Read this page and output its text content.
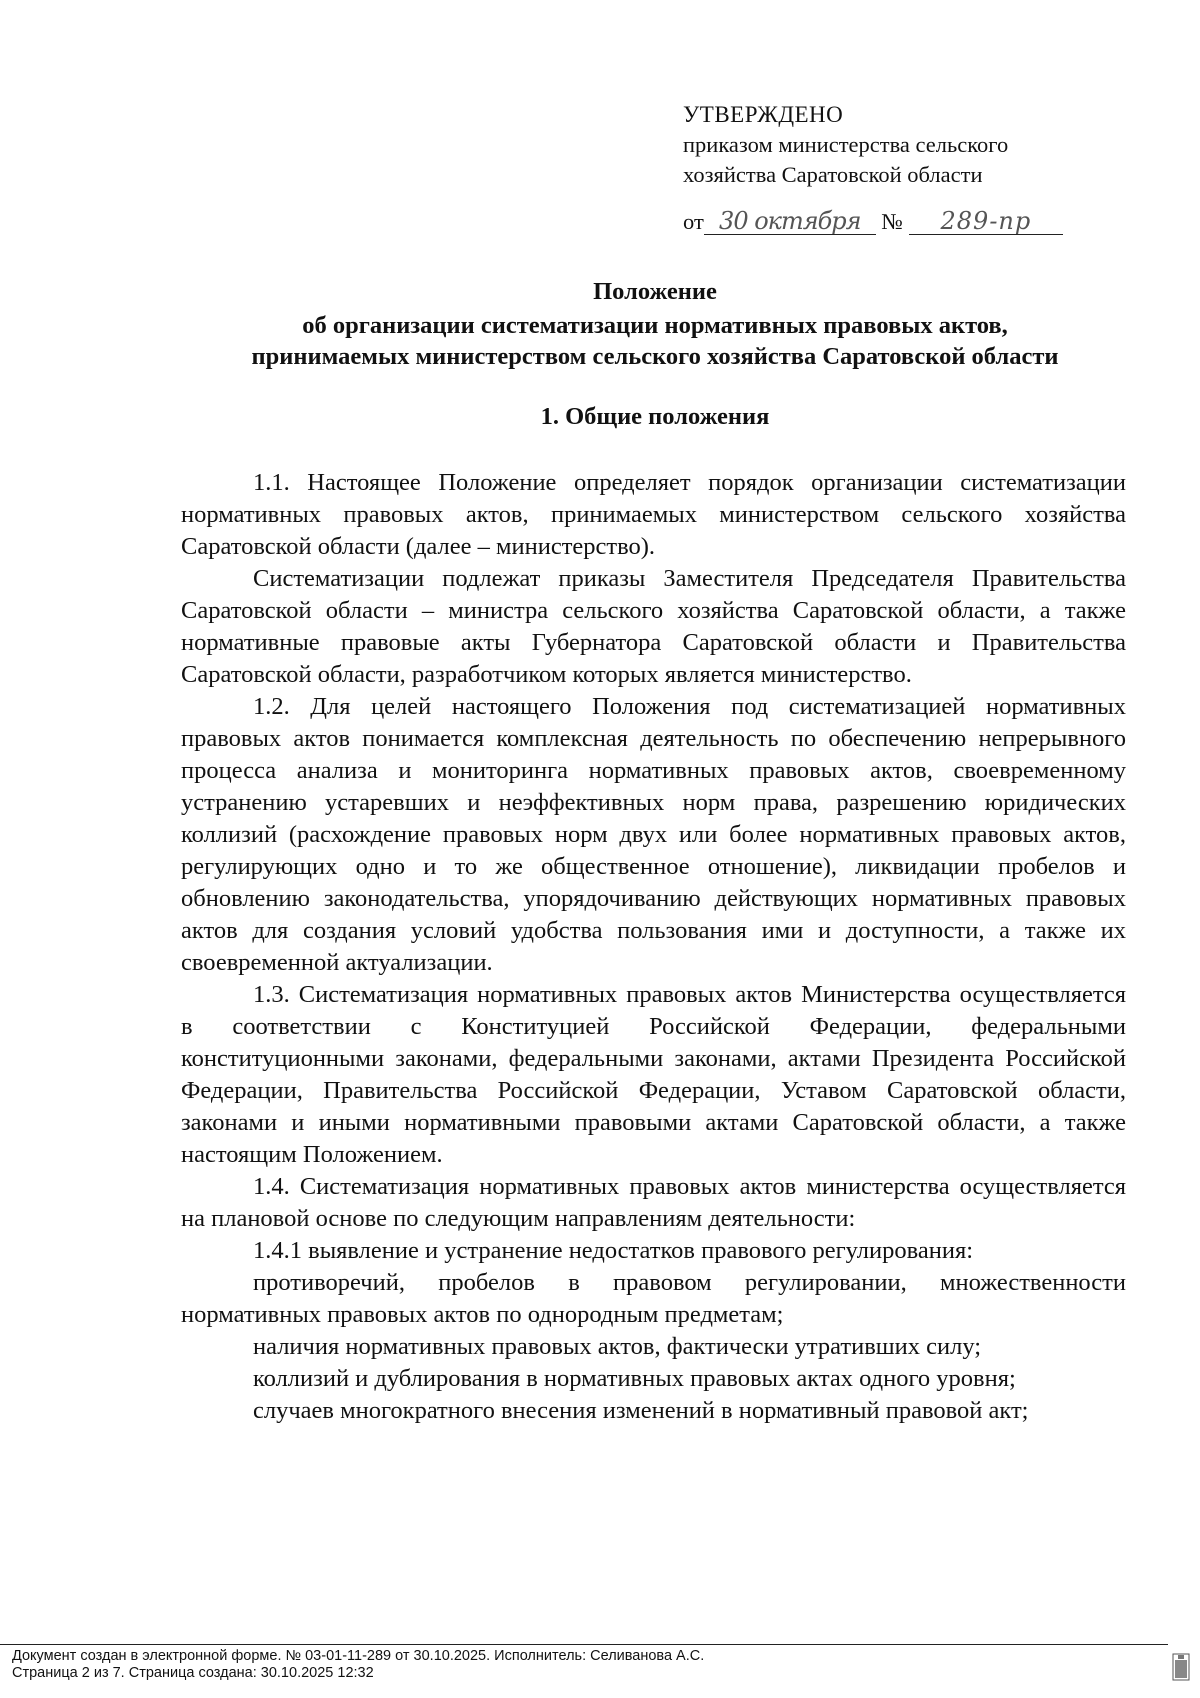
УТВЕРЖДЕНО
приказом министерства сельского
хозяйства Саратовской области
от 30 октября № 289-пр
Положение
об организации систематизации нормативных правовых актов,
принимаемых министерством сельского хозяйства Саратовской области
1. Общие положения

1.1. Настоящее Положение определяет порядок организации систематизации нормативных правовых актов, принимаемых министерством сельского хозяйства Саратовской области (далее – министерство).

Систематизации подлежат приказы Заместителя Председателя Правительства Саратовской области – министра сельского хозяйства Саратовской области, а также нормативные правовые акты Губернатора Саратовской области и Правительства Саратовской области, разработчиком которых является министерство.

1.2. Для целей настоящего Положения под систематизацией нормативных правовых актов понимается комплексная деятельность по обеспечению непрерывного процесса анализа и мониторинга нормативных правовых актов, своевременному устранению устаревших и неэффективных норм права, разрешению юридических коллизий (расхождение правовых норм двух или более нормативных правовых актов, регулирующих одно и то же общественное отношение), ликвидации пробелов и обновлению законодательства, упорядочиванию действующих нормативных правовых актов для создания условий удобства пользования ими и доступности, а также их своевременной актуализации.

1.3. Систематизация нормативных правовых актов Министерства осуществляется в соответствии с Конституцией Российской Федерации, федеральными конституционными законами, федеральными законами, актами Президента Российской Федерации, Правительства Российской Федерации, Уставом Саратовской области, законами и иными нормативными правовыми актами Саратовской области, а также настоящим Положением.

1.4. Систематизация нормативных правовых актов министерства осуществляется на плановой основе по следующим направлениям деятельности:

1.4.1 выявление и устранение недостатков правового регулирования:

противоречий, пробелов в правовом регулировании, множественности нормативных правовых актов по однородным предметам;

наличия нормативных правовых актов, фактически утративших силу;

коллизий и дублирования в нормативных правовых актах одного уровня;

случаев многократного внесения изменений в нормативный правовой акт;

Документ создан в электронной форме. № 03-01-11-289 от 30.10.2025. Исполнитель: Селиванова А.С.
Страница 2 из 7. Страница создана: 30.10.2025 12:32
